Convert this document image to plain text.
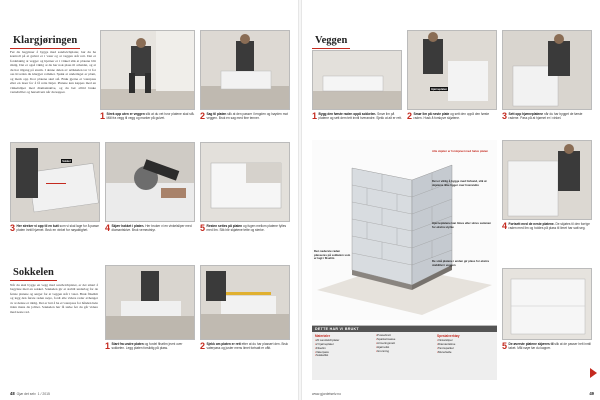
Klargjøringen
Før du begynner å bygge med sandwichplater, bør du ha kontroll på at gulvet er i vater og at veggen står rett. Det er fordelaktig at vegger og hjørner er i vinkel slik at platene blir riktig. Det er også viktig at du har nok plass til arbeidet, og at du har tilgang på strøm. I denne delen av artikkelen tar vi for oss hvordan du klargjør rommet. Sjekk at underlaget er plant, og merk opp hvor platene skal stå. Bruk gjerne et vaterpass eller en laser for å få rette linjer. Platene kan kappes med en vinkelsliper med diamantskive, og du bør alltid bruke vernebriller og hørselvern når du kapper.
1 Strek opp uten er veggen slik at du vet hvor platene skal stå. Mål fra vegg til vegg og marker på gulvet.	2 Sag til platen slik at den passer i lengden og høyden mot veggen. Bruk en sag med fine tenner.
Sokkel
3 Her streker vi opp til en kutt som vi skal lage for å passe platen inntil hjørnet. Bruk en vinkel for nøyaktighet.	4 Skjær hakket i platen. Her bruker vi en vinkelsliper med diamantskive. Bruk verneutstyr.	5 Resten settes på platen og fugen mellom platene fylles med lim. Slik blir skjøtene tette og sterke.
Sokkelen
Når du skal bygge en vegg med sandwichplater, er det smart å begynne med en sokkel. Sokkelen gir et stabilt underlag for de første platene og sørger for at veggen står i vater. Bruk fliselim og legg den første raden nøye, fordi alle videre rader avhenger av at denne er riktig. Det er lurt å ha et vaterpass for hånden hele tiden mens du jobber. Sokkelen bør få tørke før du går videre med neste rad.
1 Start fra undre platen og fordel fliselim jevnt over sokkelen. Legg platen forsiktig på plass.	2 Sjekk om platen er rett etter at du har plassert den. Bruk vaterpass og juster mens limet fortsatt er vått.
48 Gjør det selv 1 / 2015
Veggen
1 Bygg den første raden oppå sokkelen. Smør lim på platene og sett dem tett inntil hverandre. Sjekk at alt er rett.
Hjørneplaten
2 Smør lim på neste plate og sett den oppå den første raden. Husk å forskyve skjøtene.	3 Sett opp hjørneplatene når du har bygget de første radene. Pass på at hjørnet er i vinkel.
Alle skjøter er forskjøvet med halve platen
Det er viktig å bygge med forband, slik at skjøtene ikke ligger over hverandre
Hjørneplatene kan limes eller skrus sammen for ekstra styrke
Den nederste raden plasseres på sokkelen som er lagt i fliselim
De små platene i enden gir plass for ekstra stabilitet i veggen
4 Fortsett med de neste platene. De skjøtes til den forrige raden med lim og holdes på plass til limet har satt seg.
5 De øverste platene skjæres til slik at de passer helt inntil taket. Mål nøye før du kapper.
DETTE HAR VI BRUKT
Materialer
▪ 20 sandwichplater
▪ 2 hjørneplater
▪ Fliselim
▪ Vaterpass
▪ Sokkellist
▪ Pussebrett
▪ Sparkelmasse
▪ Armeringsnett
▪ Hjørnelist
▪ Grunning
Spesialverktøy
▪ Vinkelsliper
▪ Diamantskive
▪ Tannsparkel
▪ Murerkelle
www.gjordetselv.no	49
